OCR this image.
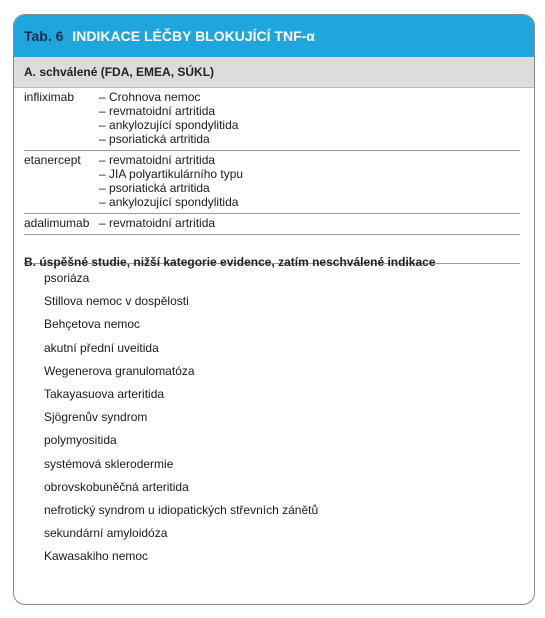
Tab. 6 INDIKACE LÉČBY BLOKUJÍCÍ TNF-α
A. schválené (FDA, EMEA, SÚKL)
infliximab	– Crohnova nemoc
– revmatoidní artritida
– ankylozující spondylitida
– psoriatická artritida
etanercept	– revmatoidní artritida
– JIA polyartikulárního typu
– psoriatická artritida
– ankylozující spondylitida
adalimumab	– revmatoidní artritida
B. úspěšné studie, nižší kategorie evidence, zatím neschválené indikace
psoriáza
Stillova nemoc v dospělosti
Behçetova nemoc
akutní přední uveitida
Wegenerova granulomatóza
Takayasuova arteritida
Sjögrenův syndrom
polymyositida
systémová sklerodermie
obrovskobuněčná arteritida
nefrotický syndrom u idiopatických střevních zánětů
sekundární amyloidóza
Kawasakiho nemoc
